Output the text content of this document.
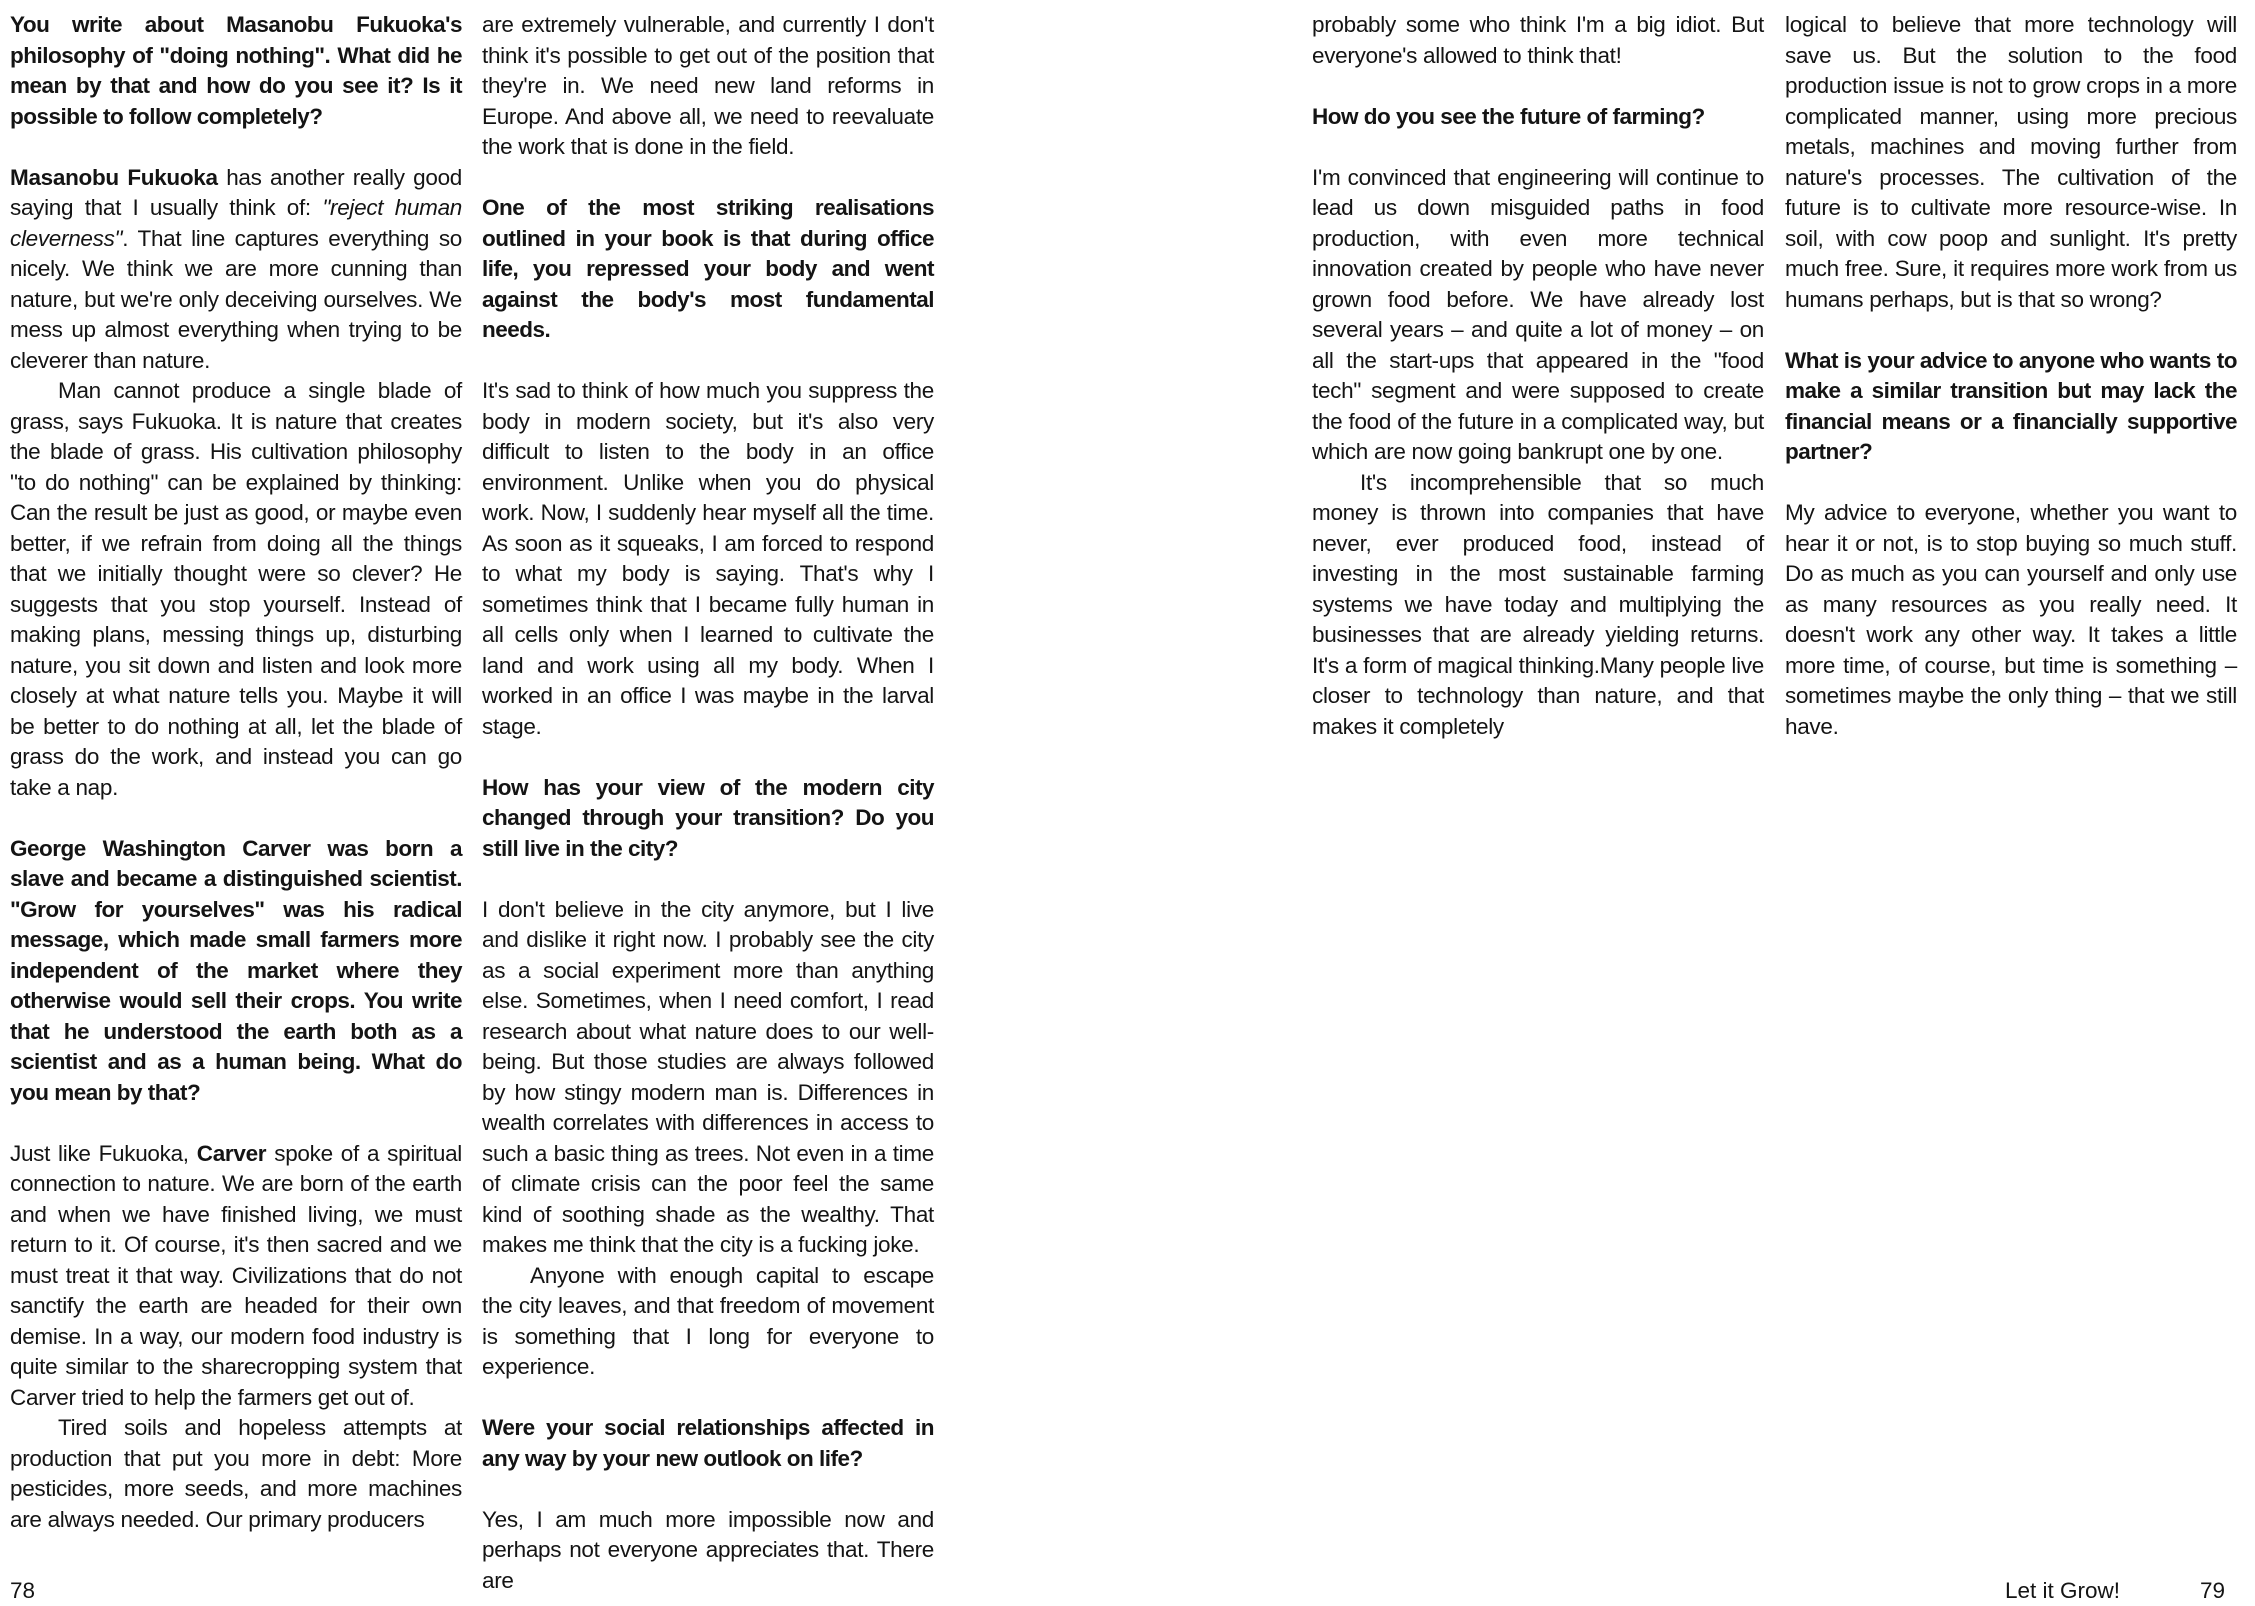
You write about Masanobu Fukuoka's philosophy of "doing nothing". What did he mean by that and how do you see it? Is it possible to follow completely?

Masanobu Fukuoka has another really good saying that I usually think of: "reject human cleverness". That line captures everything so nicely. We think we are more cunning than nature, but we're only deceiving ourselves. We mess up almost everything when trying to be cleverer than nature.

Man cannot produce a single blade of grass, says Fukuoka. It is nature that creates the blade of grass. His cultivation philosophy "to do nothing" can be explained by thinking: Can the result be just as good, or maybe even better, if we refrain from doing all the things that we initially thought were so clever? He suggests that you stop yourself. Instead of making plans, messing things up, disturbing nature, you sit down and listen and look more closely at what nature tells you. Maybe it will be better to do nothing at all, let the blade of grass do the work, and instead you can go take a nap.

George Washington Carver was born a slave and became a distinguished scientist. "Grow for yourselves" was his radical message, which made small farmers more independent of the market where they otherwise would sell their crops. You write that he understood the earth both as a scientist and as a human being. What do you mean by that?

Just like Fukuoka, Carver spoke of a spiritual connection to nature. We are born of the earth and when we have finished living, we must return to it. Of course, it's then sacred and we must treat it that way. Civilizations that do not sanctify the earth are headed for their own demise. In a way, our modern food industry is quite similar to the sharecropping system that Carver tried to help the farmers get out of.

Tired soils and hopeless attempts at production that put you more in debt: More pesticides, more seeds, and more machines are always needed. Our primary producers

are extremely vulnerable, and currently I don't think it's possible to get out of the position that they're in. We need new land reforms in Europe. And above all, we need to reevaluate the work that is done in the field.

One of the most striking realisations outlined in your book is that during office life, you repressed your body and went against the body's most fundamental needs.

It's sad to think of how much you suppress the body in modern society, but it's also very difficult to listen to the body in an office environment. Unlike when you do physical work. Now, I suddenly hear myself all the time. As soon as it squeaks, I am forced to respond to what my body is saying. That's why I sometimes think that I became fully human in all cells only when I learned to cultivate the land and work using all my body. When I worked in an office I was maybe in the larval stage.

How has your view of the modern city changed through your transition? Do you still live in the city?

I don't believe in the city anymore, but I live and dislike it right now. I probably see the city as a social experiment more than anything else. Sometimes, when I need comfort, I read research about what nature does to our well-being. But those studies are always followed by how stingy modern man is. Differences in wealth correlates with differences in access to such a basic thing as trees. Not even in a time of climate crisis can the poor feel the same kind of soothing shade as the wealthy. That makes me think that the city is a fucking joke.

Anyone with enough capital to escape the city leaves, and that freedom of movement is something that I long for everyone to experience.

Were your social relationships affected in any way by your new outlook on life?

Yes, I am much more impossible now and perhaps not everyone appreciates that. There are

probably some who think I'm a big idiot. But everyone's allowed to think that!

How do you see the future of farming?

I'm convinced that engineering will continue to lead us down misguided paths in food production, with even more technical innovation created by people who have never grown food before. We have already lost several years – and quite a lot of money – on all the start-ups that appeared in the "food tech" segment and were supposed to create the food of the future in a complicated way, but which are now going bankrupt one by one.

It's incomprehensible that so much money is thrown into companies that have never, ever produced food, instead of investing in the most sustainable farming systems we have today and multiplying the businesses that are already yielding returns. It's a form of magical thinking.Many people live closer to technology than nature, and that makes it completely

logical to believe that more technology will save us. But the solution to the food production issue is not to grow crops in a more complicated manner, using more precious metals, machines and moving further from nature's processes. The cultivation of the future is to cultivate more resource-wise. In soil, with cow poop and sunlight. It's pretty much free. Sure, it requires more work from us humans perhaps, but is that so wrong?

What is your advice to anyone who wants to make a similar transition but may lack the financial means or a financially supportive partner?

My advice to everyone, whether you want to hear it or not, is to stop buying so much stuff. Do as much as you can yourself and only use as many resources as you really need. It doesn't work any other way. It takes a little more time, of course, but time is something – sometimes maybe the only thing – that we still have.

78	Let it Grow!	79
